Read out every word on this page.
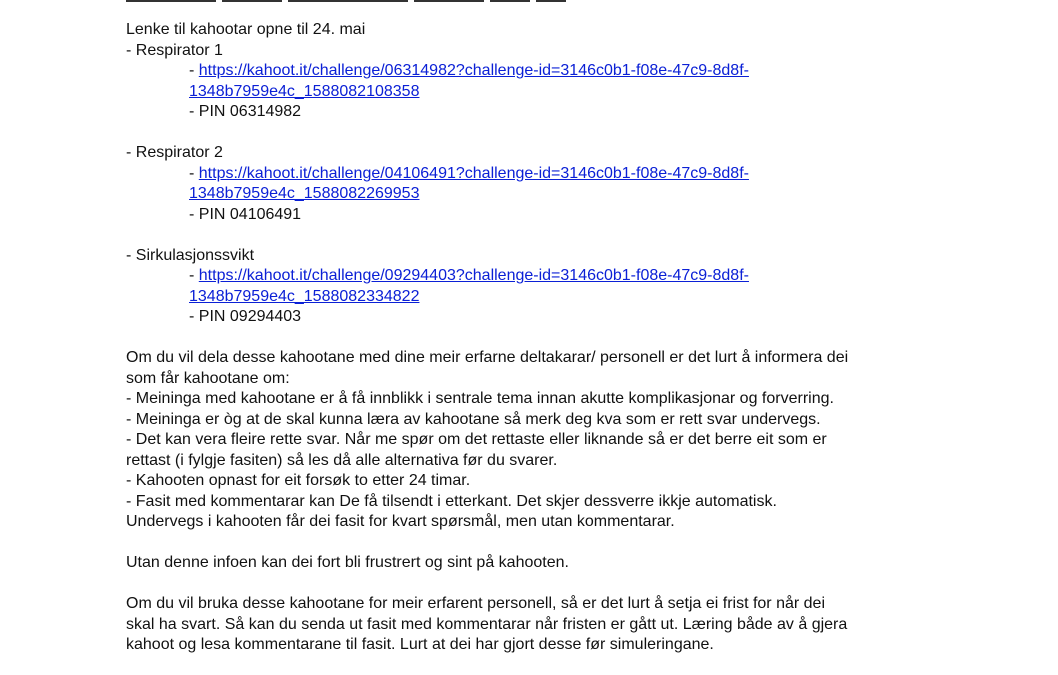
Lenke til kahootar opne til 24. mai
- Respirator 1
- https://kahoot.it/challenge/06314982?challenge-id=3146c0b1-f08e-47c9-8d8f-
1348b7959e4c_1588082108358
- PIN 06314982
- Respirator 2
- https://kahoot.it/challenge/04106491?challenge-id=3146c0b1-f08e-47c9-8d8f-
1348b7959e4c_1588082269953
- PIN 04106491
- Sirkulasjonssvikt
- https://kahoot.it/challenge/09294403?challenge-id=3146c0b1-f08e-47c9-8d8f-
1348b7959e4c_1588082334822
- PIN 09294403
Om du vil dela desse kahootane med dine meir erfarne deltakarar/ personell er det lurt å informera dei
som får kahootane om:
- Meininga med kahootane er å få innblikk i sentrale tema innan akutte komplikasjonar og forverring.
- Meininga er òg at de skal kunna læra av kahootane så merk deg kva som er rett svar undervegs.
- Det kan vera fleire rette svar. Når me spør om det rettaste eller liknande så er det berre eit som er
rettast (i fylgje fasiten) så les då alle alternativa før du svarer.
- Kahooten opnast for eit forsøk to etter 24 timar.
- Fasit med kommentarar kan De få tilsendt i etterkant. Det skjer dessverre ikkje automatisk.
Undervegs i kahooten får dei fasit for kvart spørsmål, men utan kommentarar.
Utan denne infoen kan dei fort bli frustrert og sint på kahooten.
Om du vil bruka desse kahootane for meir erfarent personell, så er det lurt å setja ei frist for når dei
skal ha svart. Så kan du senda ut fasit med kommentarar når fristen er gått ut. Læring både av å gjera
kahoot og lesa kommentarane til fasit. Lurt at dei har gjort desse før simuleringane.
